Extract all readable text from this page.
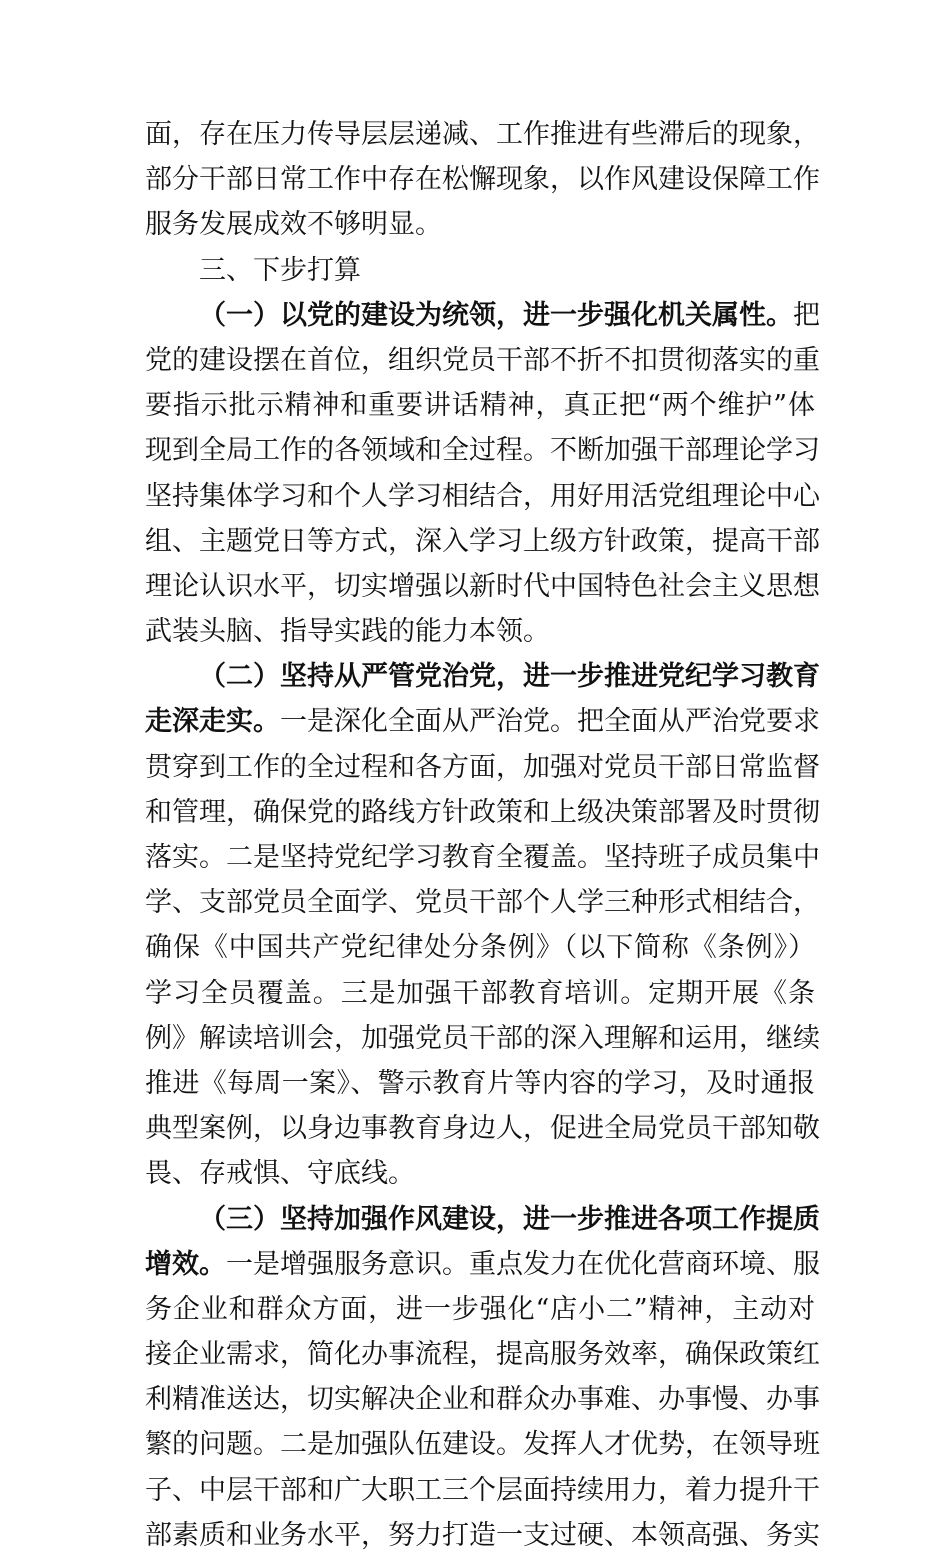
面，存在压力传导层层递减、工作推进有些滞后的现象，
部分干部日常工作中存在松懈现象，以作风建设保障工作
服务发展成效不够明显。
三、下步打算
（一）以党的建设为统领，进一步强化机关属性。把
党的建设摆在首位，组织党员干部不折不扣贯彻落实的重
要指示批示精神和重要讲话精神，真正把“两个维护”体
现到全局工作的各领域和全过程。不断加强干部理论学习
坚持集体学习和个人学习相结合，用好用活党组理论中心
组、主题党日等方式，深入学习上级方针政策，提高干部
理论认识水平，切实增强以新时代中国特色社会主义思想
武装头脑、指导实践的能力本领。
（二）坚持从严管党治党，进一步推进党纪学习教育
走深走实。一是深化全面从严治党。把全面从严治党要求
贯穿到工作的全过程和各方面，加强对党员干部日常监督
和管理，确保党的路线方针政策和上级决策部署及时贯彻
落实。二是坚持党纪学习教育全覆盖。坚持班子成员集中
学、支部党员全面学、党员干部个人学三种形式相结合，
确保《中国共产党纪律处分条例》（以下简称《条例》）
学习全员覆盖。三是加强干部教育培训。定期开展《条
例》解读培训会，加强党员干部的深入理解和运用，继续
推进《每周一案》、警示教育片等内容的学习，及时通报
典型案例，以身边事教育身边人，促进全局党员干部知敬
畏、存戒惧、守底线。
（三）坚持加强作风建设，进一步推进各项工作提质
增效。一是增强服务意识。重点发力在优化营商环境、服
务企业和群众方面，进一步强化“店小二”精神，主动对
接企业需求，简化办事流程，提高服务效率，确保政策红
利精准送达，切实解决企业和群众办事难、办事慢、办事
繁的问题。二是加强队伍建设。发挥人才优势，在领导班
子、中层干部和广大职工三个层面持续用力，着力提升干
部素质和业务水平，努力打造一支过硬、本领高强、务实
